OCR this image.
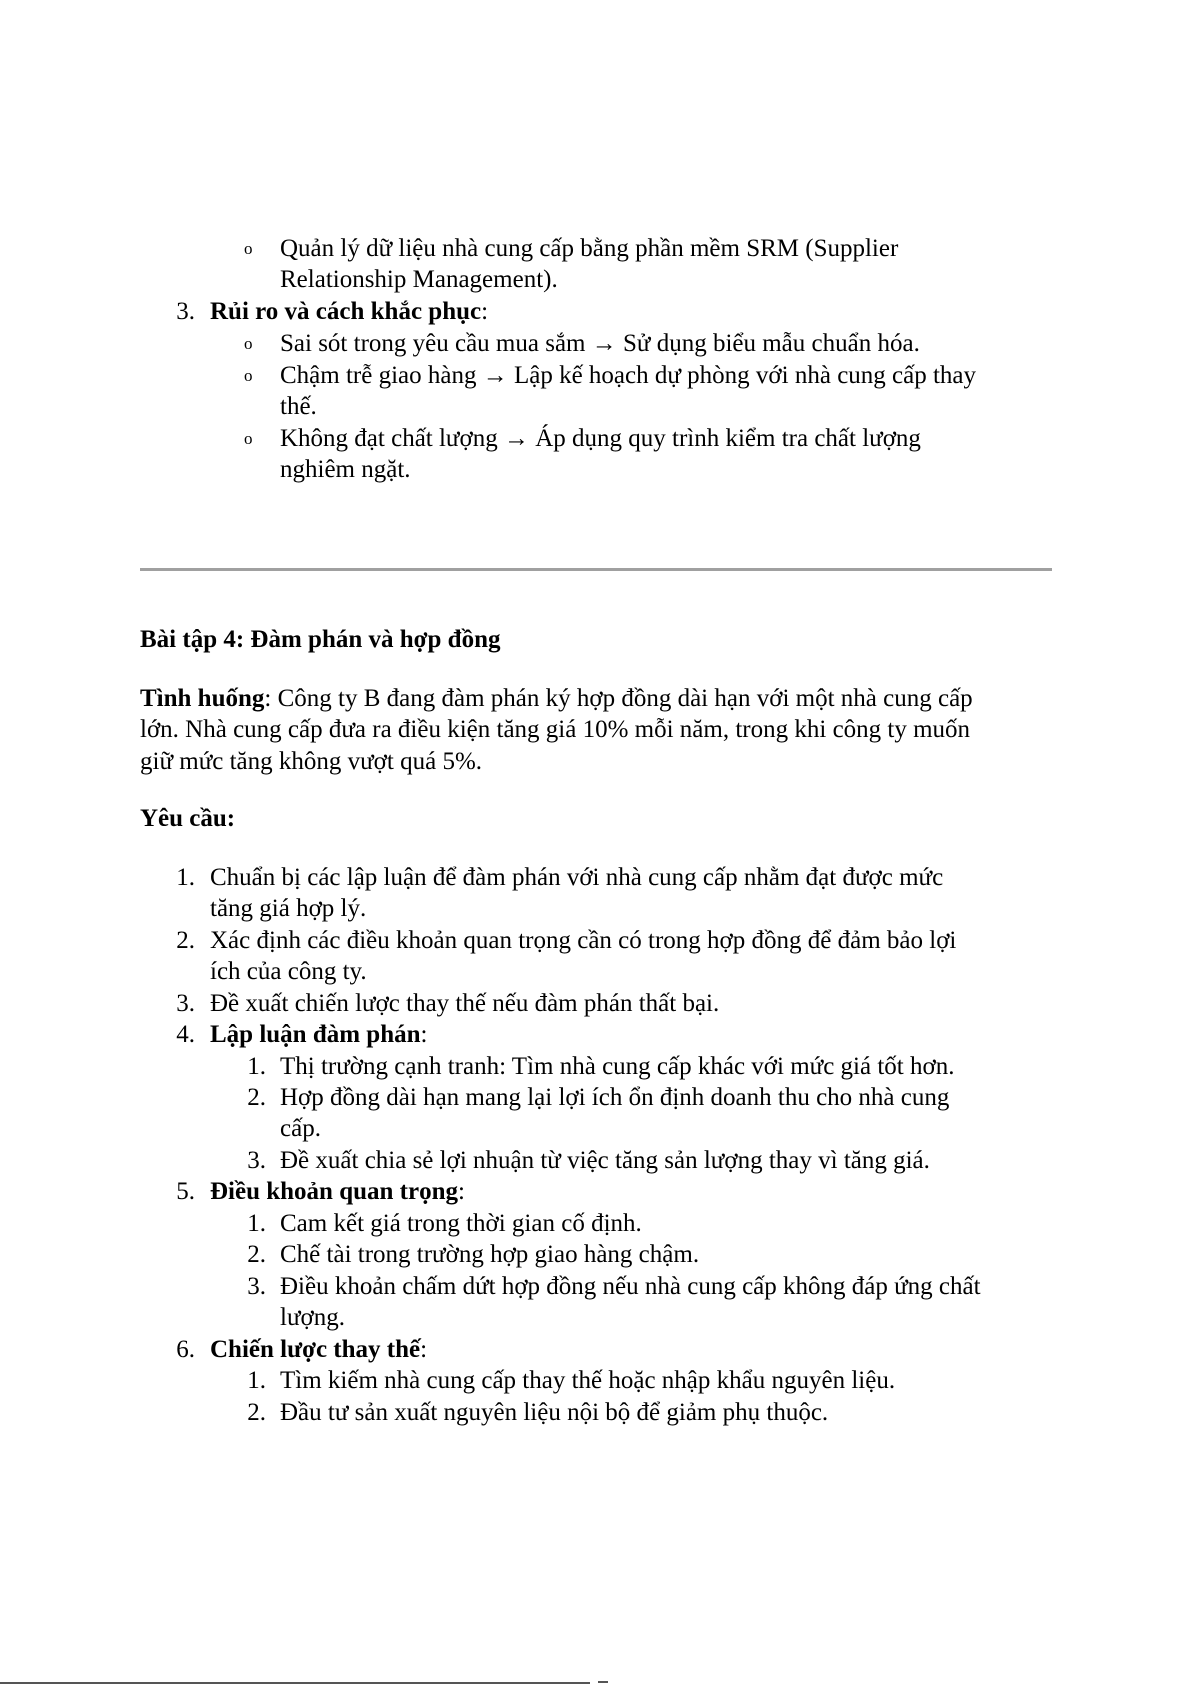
o Quản lý dữ liệu nhà cung cấp bằng phần mềm SRM (Supplier
Relationship Management).
3. Rủi ro và cách khắc phục:
o Sai sót trong yêu cầu mua sắm → Sử dụng biểu mẫu chuẩn hóa.
o Chậm trễ giao hàng → Lập kế hoạch dự phòng với nhà cung cấp thay
thế.
o Không đạt chất lượng → Áp dụng quy trình kiểm tra chất lượng
nghiêm ngặt.
Bài tập 4: Đàm phán và hợp đồng
Tình huống: Công ty B đang đàm phán ký hợp đồng dài hạn với một nhà cung cấp
lớn. Nhà cung cấp đưa ra điều kiện tăng giá 10% mỗi năm, trong khi công ty muốn
giữ mức tăng không vượt quá 5%.
Yêu cầu:
1. Chuẩn bị các lập luận để đàm phán với nhà cung cấp nhằm đạt được mức
tăng giá hợp lý.
2. Xác định các điều khoản quan trọng cần có trong hợp đồng để đảm bảo lợi
ích của công ty.
3. Đề xuất chiến lược thay thế nếu đàm phán thất bại.
4. Lập luận đàm phán:
1. Thị trường cạnh tranh: Tìm nhà cung cấp khác với mức giá tốt hơn.
2. Hợp đồng dài hạn mang lại lợi ích ổn định doanh thu cho nhà cung
cấp.
3. Đề xuất chia sẻ lợi nhuận từ việc tăng sản lượng thay vì tăng giá.
5. Điều khoản quan trọng:
1. Cam kết giá trong thời gian cố định.
2. Chế tài trong trường hợp giao hàng chậm.
3. Điều khoản chấm dứt hợp đồng nếu nhà cung cấp không đáp ứng chất
lượng.
6. Chiến lược thay thế:
1. Tìm kiếm nhà cung cấp thay thế hoặc nhập khẩu nguyên liệu.
2. Đầu tư sản xuất nguyên liệu nội bộ để giảm phụ thuộc.
